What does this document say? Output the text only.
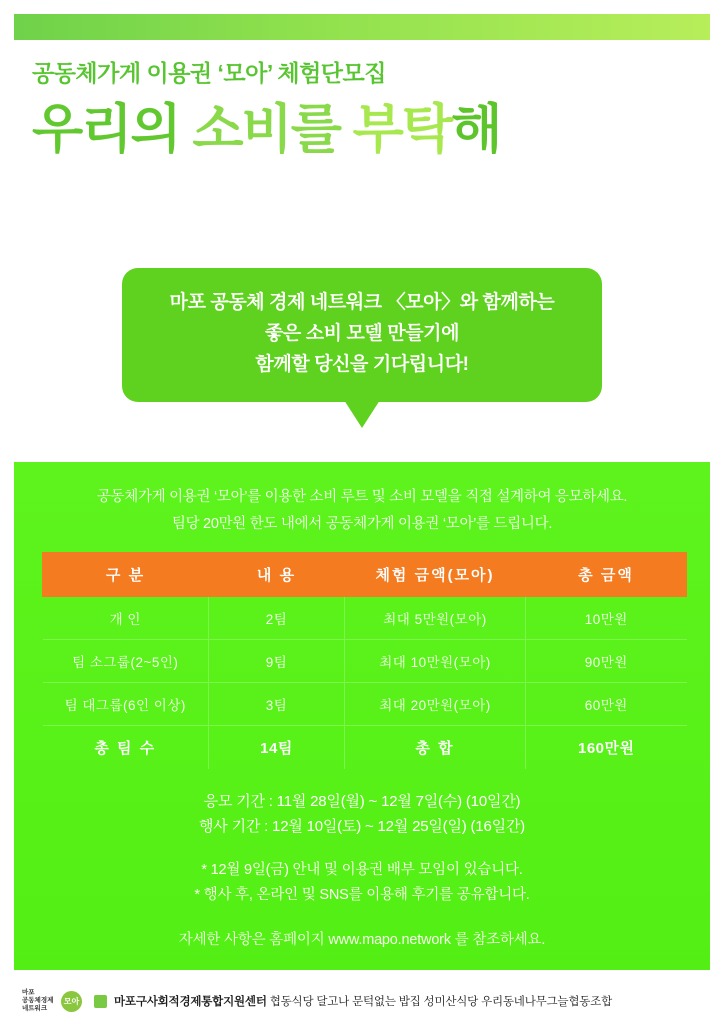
공동체가게 이용권 ‘모아’ 체험단모집
우리의 소비를 부탁해
마포 공동체 경제 네트워크 〈모아〉와 함께하는
좋은 소비 모델 만들기에
함께할 당신을 기다립니다!
공동체가게 이용권 ‘모아’를 이용한 소비 루트 및 소비 모델을 직접 설계하여 응모하세요.
팀당 20만원 한도 내에서 공동체가게 이용권 ‘모아’를 드립니다.
구 분	내 용	체험 금액(모아)	총 금액
개 인	2팀	최대 5만원(모아)	10만원
팀 소그룹(2~5인)	9팀	최대 10만원(모아)	90만원
팀 대그룹(6인 이상)	3팀	최대 20만원(모아)	60만원
총 팀 수	14팀	총 합	160만원
응모 기간 : 11월 28일(월) ~ 12월 7일(수) (10일간)
행사 기간 : 12월 10일(토) ~ 12월 25일(일) (16일간)
* 12월 9일(금) 안내 및 이용권 배부 모임이 있습니다.
* 행사 후, 온라인 및 SNS를 이용해 후기를 공유합니다.
자세한 사항은 홈페이지 www.mapo.network 를 참조하세요.
마포
공동체경제
네트워크
모아	마포구사회적경제통합지원센터 협동식당 달고나 문턱없는 밥집 성미산식당 우리동네나무그늘협동조합
